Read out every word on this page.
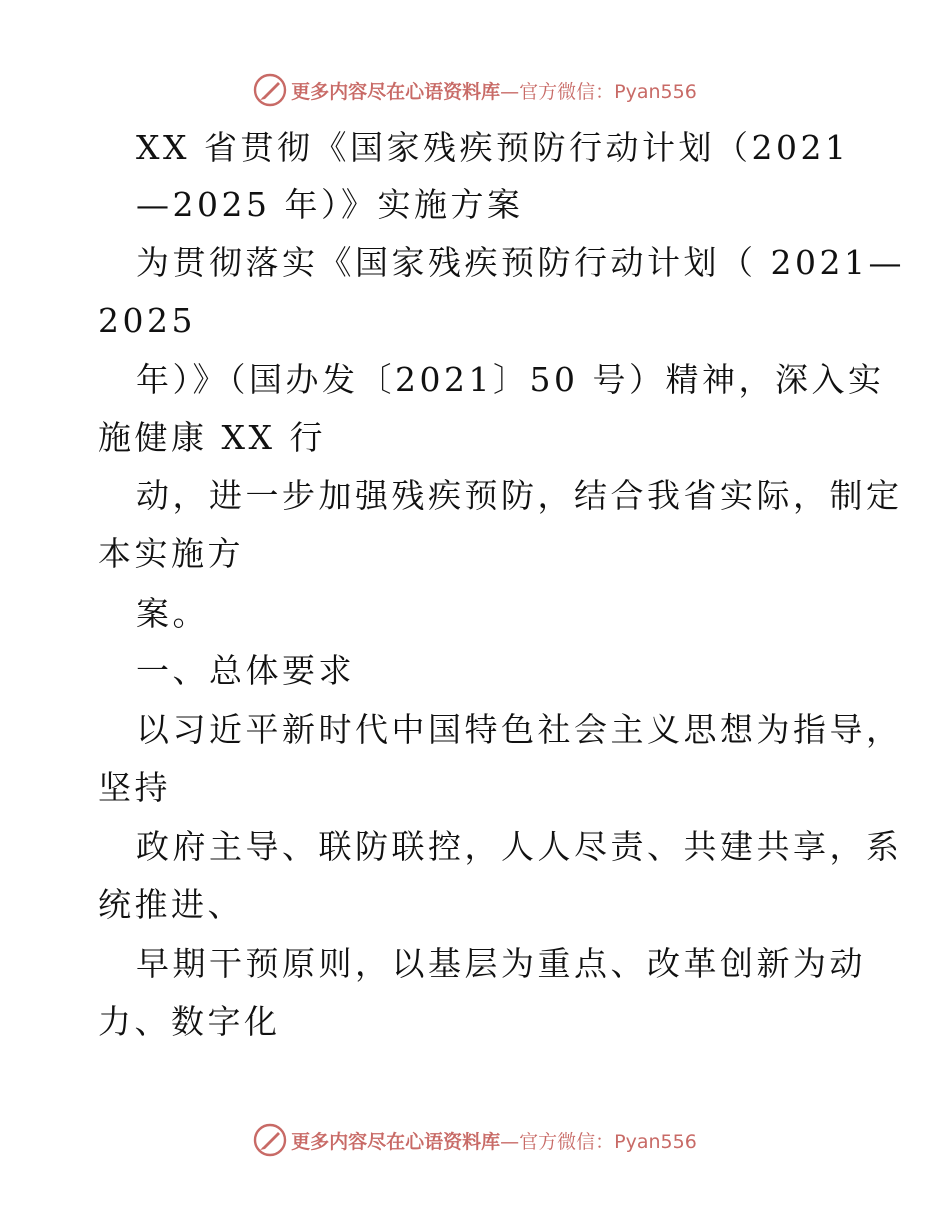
更多内容尽在心语资料库—官方微信：Pyan556
XX 省贯彻《国家残疾预防行动计划（2021
—2025 年）》实施方案
为贯彻落实《国家残疾预防行动计划（ 2021—
2025
年）》（国办发〔2021〕50 号）精神，深入实
施健康 XX 行
动，进一步加强残疾预防，结合我省实际，制定
本实施方
案。
一、总体要求
以习近平新时代中国特色社会主义思想为指导，
坚持
政府主导、联防联控，人人尽责、共建共享，系
统推进、
早期干预原则，以基层为重点、改革创新为动
力、数字化
更多内容尽在心语资料库—官方微信：Pyan556
